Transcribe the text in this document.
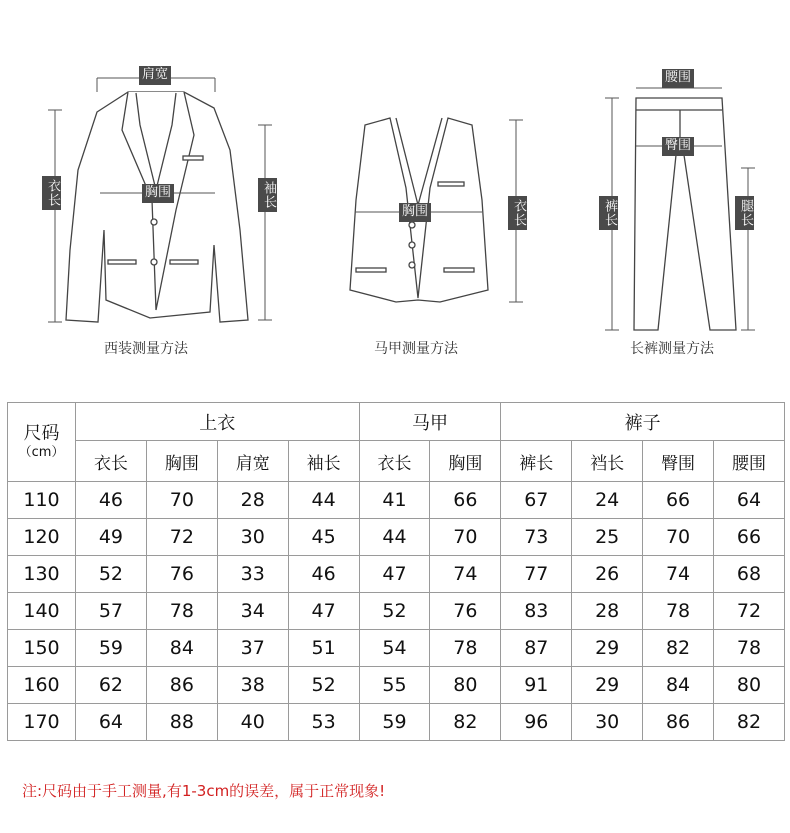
肩宽
胸围
衣长	袖长
西装测量方法
胸围	衣长
马甲测量方法
腰围
臀围
裤长	腿长
长裤测量方法
尺码
（cm）	上衣				马甲		裤子			
	衣长	胸围	肩宽	袖长	衣长	胸围	裤长	裆长	臀围	腰围
110	46	70	28	44	41	66	67	24	66	64
120	49	72	30	45	44	70	73	25	70	66
130	52	76	33	46	47	74	77	26	74	68
140	57	78	34	47	52	76	83	28	78	72
150	59	84	37	51	54	78	87	29	82	78
160	62	86	38	52	55	80	91	29	84	80
170	64	88	40	53	59	82	96	30	86	82
注:尺码由于手工测量,有1-3cm的误差，属于正常现象!
